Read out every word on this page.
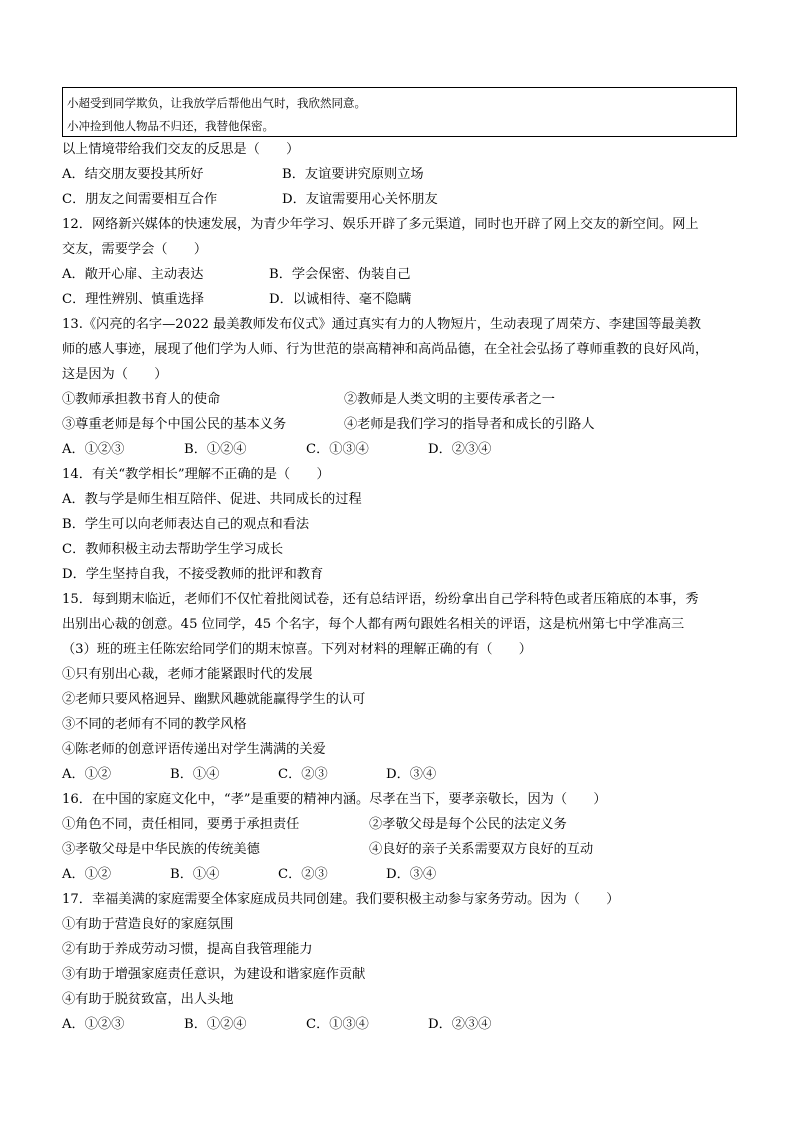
小超受到同学欺负，让我放学后帮他出气时，我欣然同意。
小冲捡到他人物品不归还，我替他保密。
以上情境带给我们交友的反思是（　　）
A．结交朋友要投其所好	B．友谊要讲究原则立场
C．朋友之间需要相互合作	D．友谊需要用心关怀朋友
12．网络新兴媒体的快速发展，为青少年学习、娱乐开辟了多元渠道，同时也开辟了网上交友的新空间。网上
交友，需要学会（　　）
A．敞开心扉、主动表达	B．学会保密、伪装自己
C．理性辨别、慎重选择	D．以诚相待、毫不隐瞒
13.《闪亮的名字—2022 最美教师发布仪式》通过真实有力的人物短片，生动表现了周荣方、李建国等最美教
师的感人事迹，展现了他们学为人师、行为世范的崇高精神和高尚品德，在全社会弘扬了尊师重教的良好风尚，
这是因为（　　）
①教师承担教书育人的使命	②教师是人类文明的主要传承者之一
③尊重老师是每个中国公民的基本义务	④老师是我们学习的指导者和成长的引路人
A．①②③	B．①②④	C．①③④	D．②③④
14．有关“教学相长”理解不正确的是（　　）
A．教与学是师生相互陪伴、促进、共同成长的过程
B．学生可以向老师表达自己的观点和看法
C．教师积极主动去帮助学生学习成长
D．学生坚持自我，不接受教师的批评和教育
15．每到期末临近，老师们不仅忙着批阅试卷，还有总结评语，纷纷拿出自己学科特色或者压箱底的本事，秀
出别出心裁的创意。45 位同学，45 个名字，每个人都有两句跟姓名相关的评语，这是杭州第七中学准高三
（3）班的班主任陈宏给同学们的期末惊喜。下列对材料的理解正确的有（　　）
①只有别出心裁，老师才能紧跟时代的发展
②老师只要风格迥异、幽默风趣就能赢得学生的认可
③不同的老师有不同的教学风格
④陈老师的创意评语传递出对学生满满的关爱
A．①②	B．①④	C．②③	D．③④
16．在中国的家庭文化中，“孝”是重要的精神内涵。尽孝在当下，要孝亲敬长，因为（　　）
①角色不同，责任相同，要勇于承担责任	②孝敬父母是每个公民的法定义务
③孝敬父母是中华民族的传统美德	④良好的亲子关系需要双方良好的互动
A．①②	B．①④	C．②③	D．③④
17．幸福美满的家庭需要全体家庭成员共同创建。我们要积极主动参与家务劳动。因为（　　）
①有助于营造良好的家庭氛围
②有助于养成劳动习惯，提高自我管理能力
③有助于增强家庭责任意识，为建设和谐家庭作贡献
④有助于脱贫致富，出人头地
A．①②③	B．①②④	C．①③④	D．②③④
